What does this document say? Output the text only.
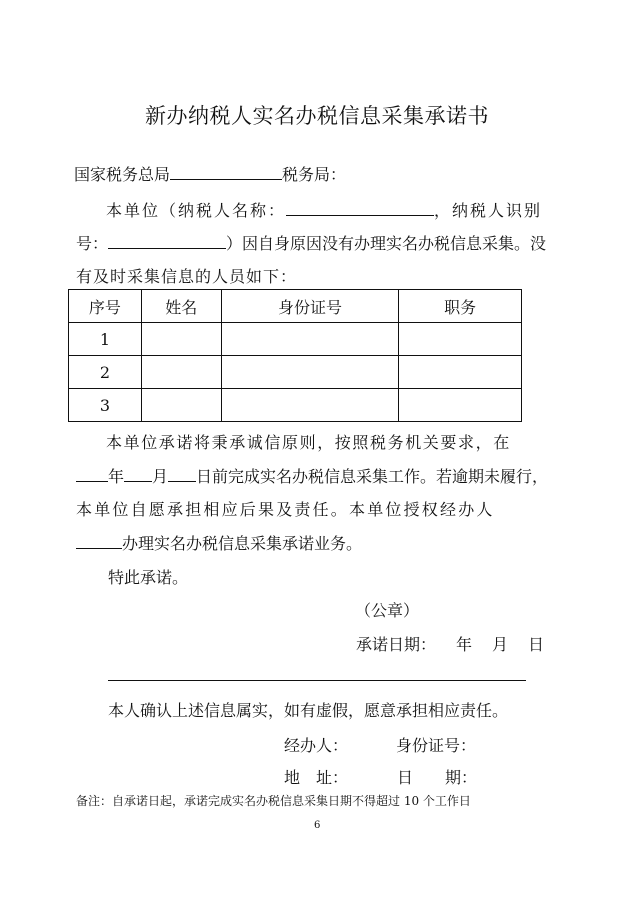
新办纳税人实名办税信息采集承诺书
国家税务总局	税务局：
本单位（纳税人名称：	，纳税人识别
号：	）因自身原因没有办理实名办税信息采集。没
有及时采集信息的人员如下：
序号	姓名	身份证号	职务
1			
2			
3			
本单位承诺将秉承诚信原则，按照税务机关要求，在
年 月 日前完成实名办税信息采集工作。若逾期未履行，
本单位自愿承担相应后果及责任。本单位授权经办人
办理实名办税信息采集承诺业务。
特此承诺。
（公章）
承诺日期： 年 月 日
本人确认上述信息属实，如有虚假，愿意承担相应责任。
经办人：	身份证号：
地　址：	日　　期：
备注：自承诺日起，承诺完成实名办税信息采集日期不得超过 10 个工作日
6
